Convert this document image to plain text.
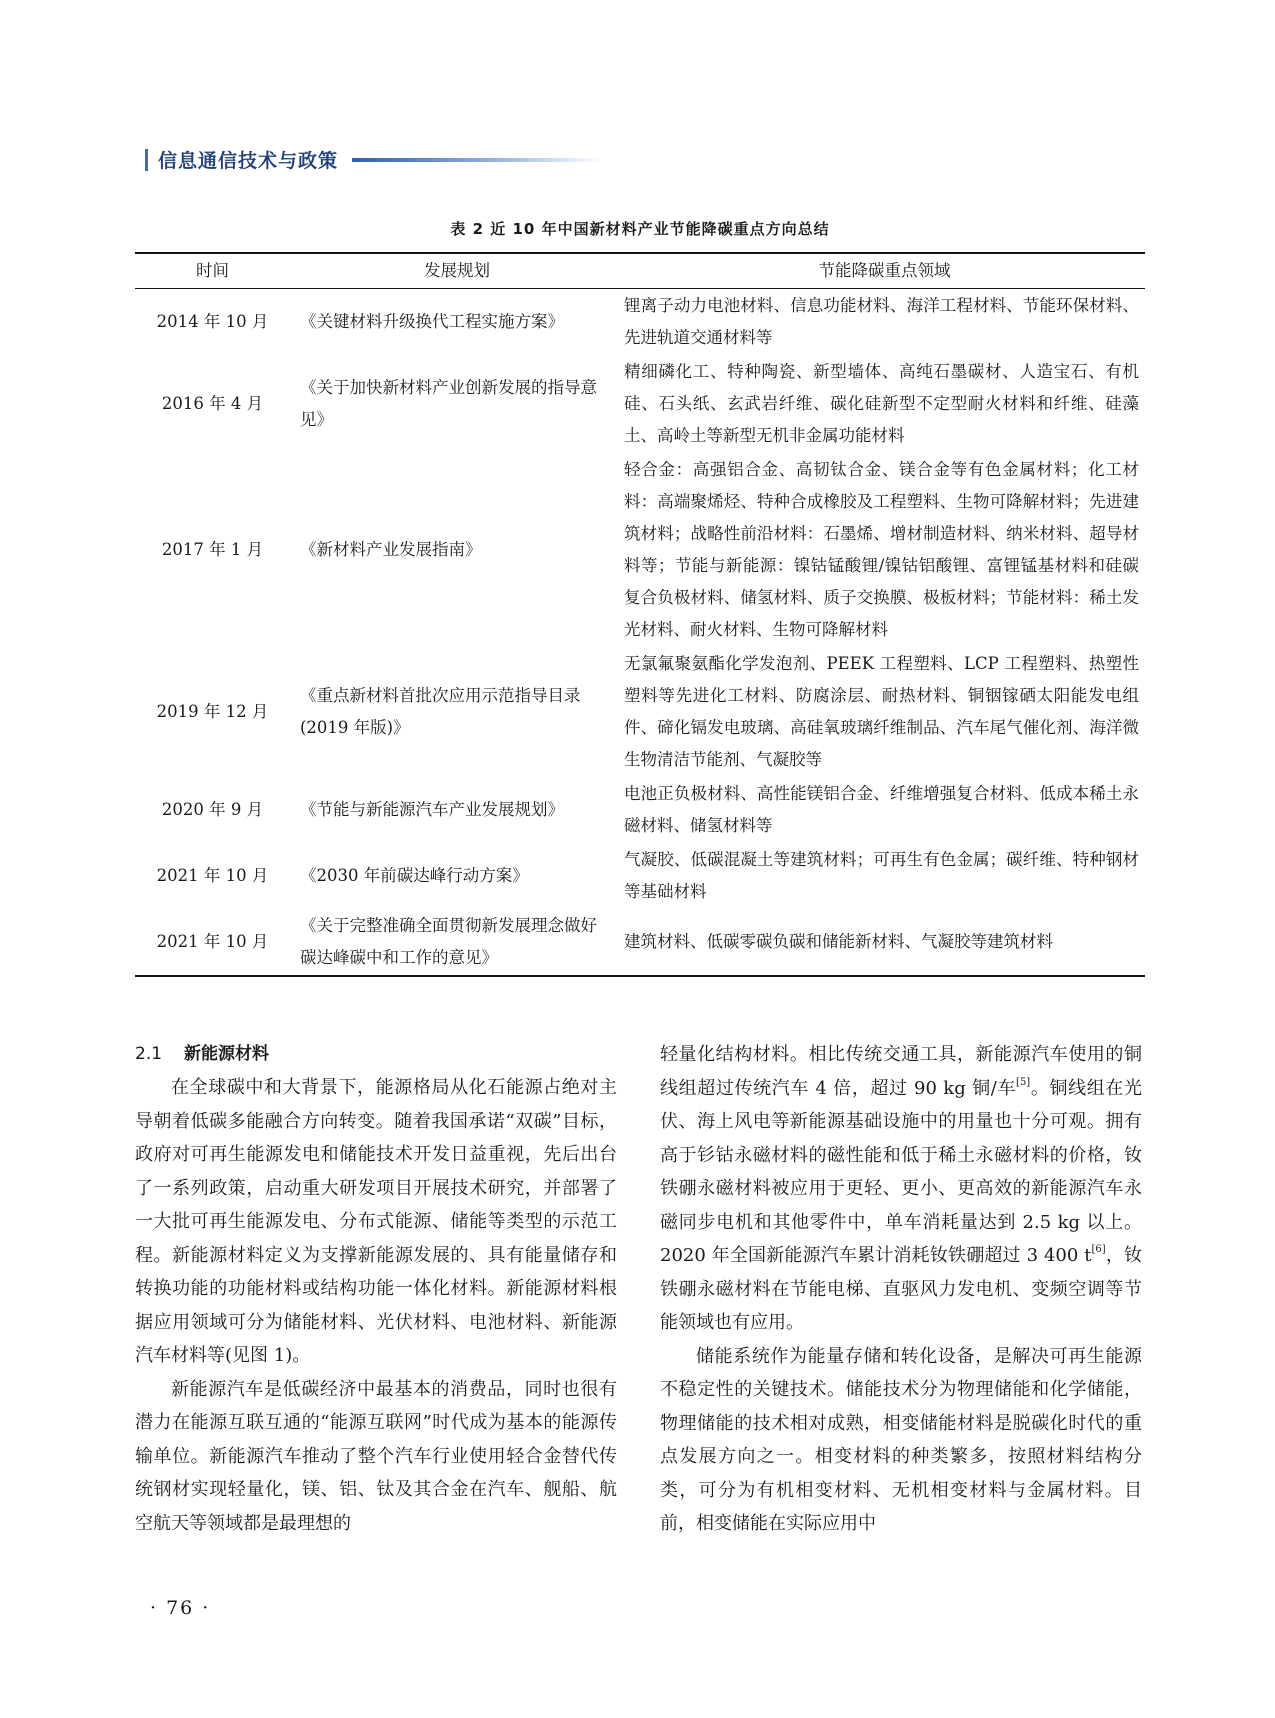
信息通信技术与政策
表 2 近 10 年中国新材料产业节能降碳重点方向总结
时间	发展规划	节能降碳重点领域
2014 年 10 月	《关键材料升级换代工程实施方案》	锂离子动力电池材料、信息功能材料、海洋工程材料、节能环保材料、先进轨道交通材料等
2016 年 4 月	《关于加快新材料产业创新发展的指导意见》	精细磷化工、特种陶瓷、新型墙体、高纯石墨碳材、人造宝石、有机硅、石头纸、玄武岩纤维、碳化硅新型不定型耐火材料和纤维、硅藻土、高岭土等新型无机非金属功能材料
2017 年 1 月	《新材料产业发展指南》	轻合金：高强铝合金、高韧钛合金、镁合金等有色金属材料；化工材料：高端聚烯烃、特种合成橡胶及工程塑料、生物可降解材料；先进建筑材料；战略性前沿材料：石墨烯、增材制造材料、纳米材料、超导材料等；节能与新能源：镍钴锰酸锂/镍钴铝酸锂、富锂锰基材料和硅碳复合负极材料、储氢材料、质子交换膜、极板材料；节能材料：稀土发光材料、耐火材料、生物可降解材料
2019 年 12 月	《重点新材料首批次应用示范指导目录(2019 年版)》	无氯氟聚氨酯化学发泡剂、PEEK 工程塑料、LCP 工程塑料、热塑性塑料等先进化工材料、防腐涂层、耐热材料、铜铟镓硒太阳能发电组件、碲化镉发电玻璃、高硅氧玻璃纤维制品、汽车尾气催化剂、海洋微生物清洁节能剂、气凝胶等
2020 年 9 月	《节能与新能源汽车产业发展规划》	电池正负极材料、高性能镁铝合金、纤维增强复合材料、低成本稀土永磁材料、储氢材料等
2021 年 10 月	《2030 年前碳达峰行动方案》	气凝胶、低碳混凝土等建筑材料；可再生有色金属；碳纤维、特种钢材等基础材料
2021 年 10 月	《关于完整准确全面贯彻新发展理念做好碳达峰碳中和工作的意见》	建筑材料、低碳零碳负碳和储能新材料、气凝胶等建筑材料
2.1 新能源材料

在全球碳中和大背景下，能源格局从化石能源占绝对主导朝着低碳多能融合方向转变。随着我国承诺“双碳”目标，政府对可再生能源发电和储能技术开发日益重视，先后出台了一系列政策，启动重大研发项目开展技术研究，并部署了一大批可再生能源发电、分布式能源、储能等类型的示范工程。新能源材料定义为支撑新能源发展的、具有能量储存和转换功能的功能材料或结构功能一体化材料。新能源材料根据应用领域可分为储能材料、光伏材料、电池材料、新能源汽车材料等(见图 1)。

新能源汽车是低碳经济中最基本的消费品，同时也很有潜力在能源互联互通的“能源互联网”时代成为基本的能源传输单位。新能源汽车推动了整个汽车行业使用轻合金替代传统钢材实现轻量化，镁、铝、钛及其合金在汽车、舰船、航空航天等领域都是最理想的

轻量化结构材料。相比传统交通工具，新能源汽车使用的铜线组超过传统汽车 4 倍，超过 90 kg 铜/车[5]。铜线组在光伏、海上风电等新能源基础设施中的用量也十分可观。拥有高于钐钴永磁材料的磁性能和低于稀土永磁材料的价格，钕铁硼永磁材料被应用于更轻、更小、更高效的新能源汽车永磁同步电机和其他零件中，单车消耗量达到 2.5 kg 以上。2020 年全国新能源汽车累计消耗钕铁硼超过 3 400 t[6]，钕铁硼永磁材料在节能电梯、直驱风力发电机、变频空调等节能领域也有应用。

储能系统作为能量存储和转化设备，是解决可再生能源不稳定性的关键技术。储能技术分为物理储能和化学储能，物理储能的技术相对成熟，相变储能材料是脱碳化时代的重点发展方向之一。相变材料的种类繁多，按照材料结构分类，可分为有机相变材料、无机相变材料与金属材料。目前，相变储能在实际应用中

· 76 ·
